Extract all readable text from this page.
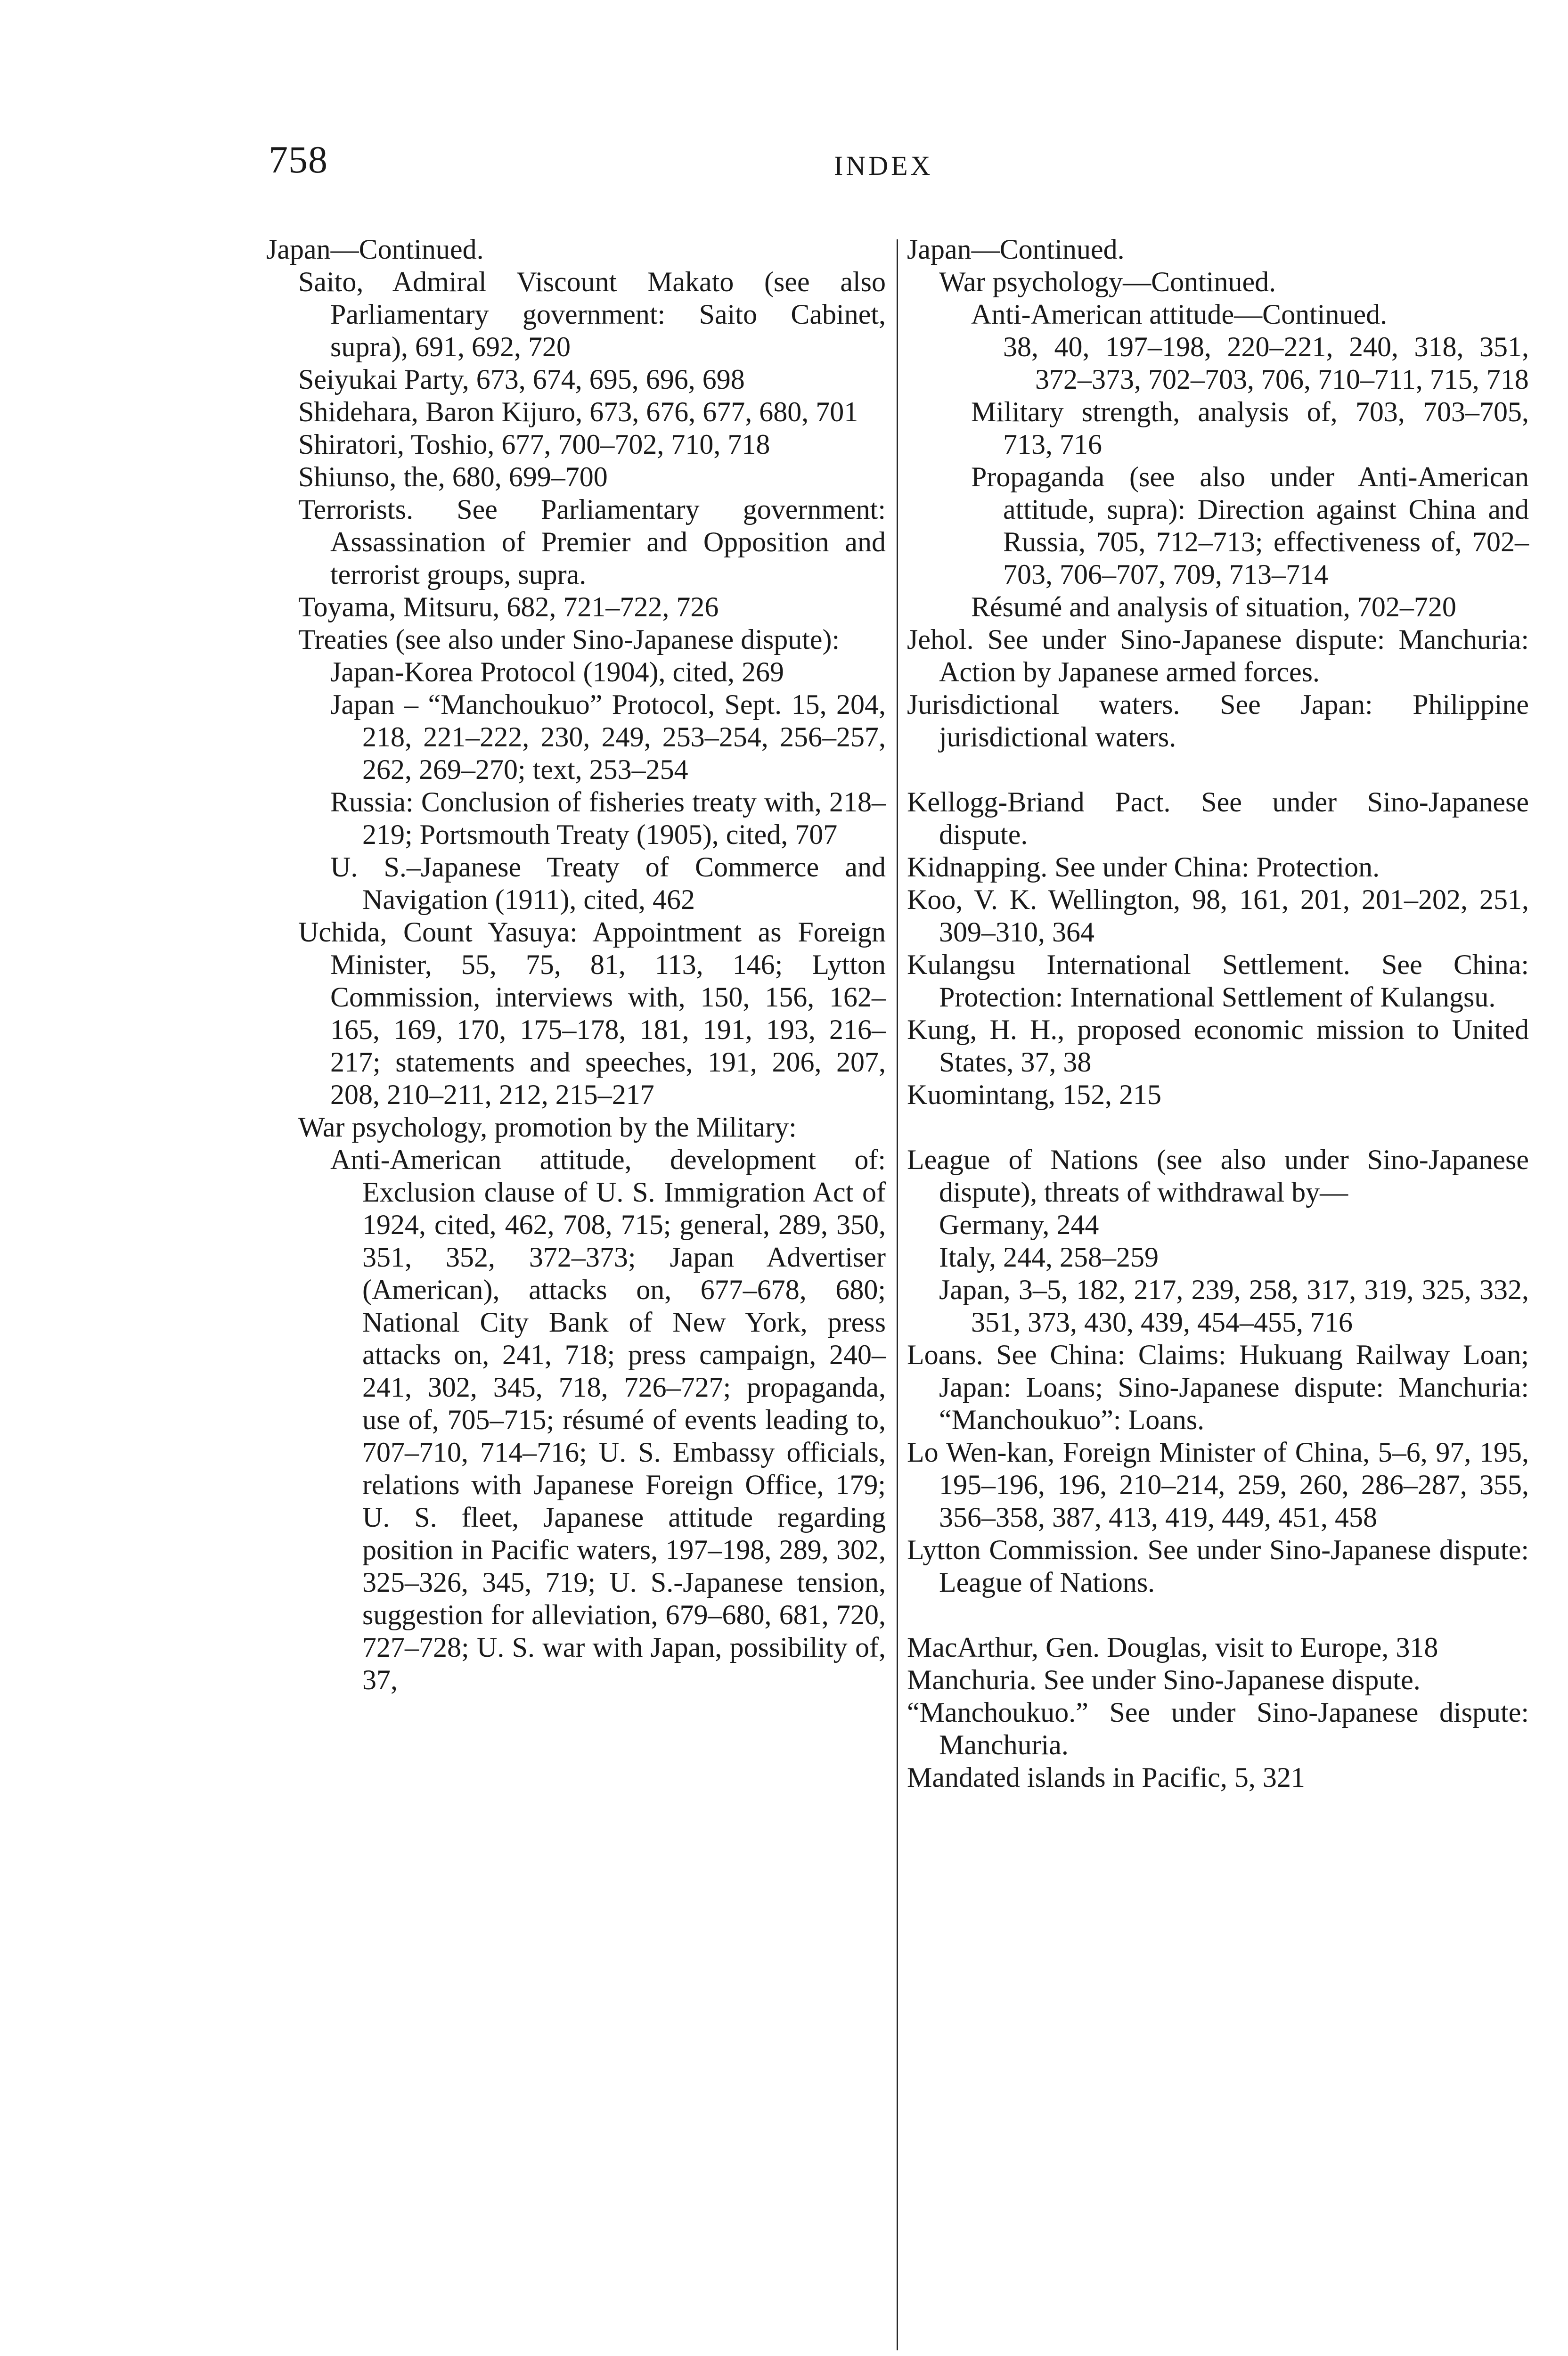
758	INDEX
Japan—Continued.
Saito, Admiral Viscount Makato (see also Parliamentary government: Saito Cabinet, supra), 691, 692, 720
Seiyukai Party, 673, 674, 695, 696, 698
Shidehara, Baron Kijuro, 673, 676, 677, 680, 701
Shiratori, Toshio, 677, 700–702, 710, 718
Shiunso, the, 680, 699–700
Terrorists. See Parliamentary government: Assassination of Premier and Opposition and terrorist groups, supra.
Toyama, Mitsuru, 682, 721–722, 726
Treaties (see also under Sino-Japanese dispute):
Japan-Korea Protocol (1904), cited, 269
Japan – “Manchoukuo” Protocol, Sept. 15, 204, 218, 221–222, 230, 249, 253–254, 256–257, 262, 269–270; text, 253–254
Russia: Conclusion of fisheries treaty with, 218–219; Portsmouth Treaty (1905), cited, 707
U. S.–Japanese Treaty of Commerce and Navigation (1911), cited, 462
Uchida, Count Yasuya: Appointment as Foreign Minister, 55, 75, 81, 113, 146; Lytton Commission, interviews with, 150, 156, 162–165, 169, 170, 175–178, 181, 191, 193, 216–217; statements and speeches, 191, 206, 207, 208, 210–211, 212, 215–217
War psychology, promotion by the Military:
Anti-American attitude, development of: Exclusion clause of U. S. Immigration Act of 1924, cited, 462, 708, 715; general, 289, 350, 351, 352, 372–373; Japan Advertiser (American), attacks on, 677–678, 680; National City Bank of New York, press attacks on, 241, 718; press campaign, 240–241, 302, 345, 718, 726–727; propaganda, use of, 705–715; résumé of events leading to, 707–710, 714–716; U. S. Embassy officials, relations with Japanese Foreign Office, 179; U. S. fleet, Japanese attitude regarding position in Pacific waters, 197–198, 289, 302, 325–326, 345, 719; U. S.-Japanese tension, suggestion for alleviation, 679–680, 681, 720, 727–728; U. S. war with Japan, possibility of, 37,
Japan—Continued.
War psychology—Continued.
Anti-American attitude—Continued.
38, 40, 197–198, 220–221, 240, 318, 351, 372–373, 702–703, 706, 710–711, 715, 718
Military strength, analysis of, 703, 703–705, 713, 716
Propaganda (see also under Anti-American attitude, supra): Direction against China and Russia, 705, 712–713; effectiveness of, 702–703, 706–707, 709, 713–714
Résumé and analysis of situation, 702–720
Jehol. See under Sino-Japanese dispute: Manchuria: Action by Japanese armed forces.
Jurisdictional waters. See Japan: Philippine jurisdictional waters.
Kellogg-Briand Pact. See under Sino-Japanese dispute.
Kidnapping. See under China: Protection.
Koo, V. K. Wellington, 98, 161, 201, 201–202, 251, 309–310, 364
Kulangsu International Settlement. See China: Protection: International Settlement of Kulangsu.
Kung, H. H., proposed economic mission to United States, 37, 38
Kuomintang, 152, 215
League of Nations (see also under Sino-Japanese dispute), threats of withdrawal by—
Germany, 244
Italy, 244, 258–259
Japan, 3–5, 182, 217, 239, 258, 317, 319, 325, 332, 351, 373, 430, 439, 454–455, 716
Loans. See China: Claims: Hukuang Railway Loan; Japan: Loans; Sino-Japanese dispute: Manchuria: “Manchoukuo”: Loans.
Lo Wen-kan, Foreign Minister of China, 5–6, 97, 195, 195–196, 196, 210–214, 259, 260, 286–287, 355, 356–358, 387, 413, 419, 449, 451, 458
Lytton Commission. See under Sino-Japanese dispute: League of Nations.
MacArthur, Gen. Douglas, visit to Europe, 318
Manchuria. See under Sino-Japanese dispute.
“Manchoukuo.” See under Sino-Japanese dispute: Manchuria.
Mandated islands in Pacific, 5, 321
